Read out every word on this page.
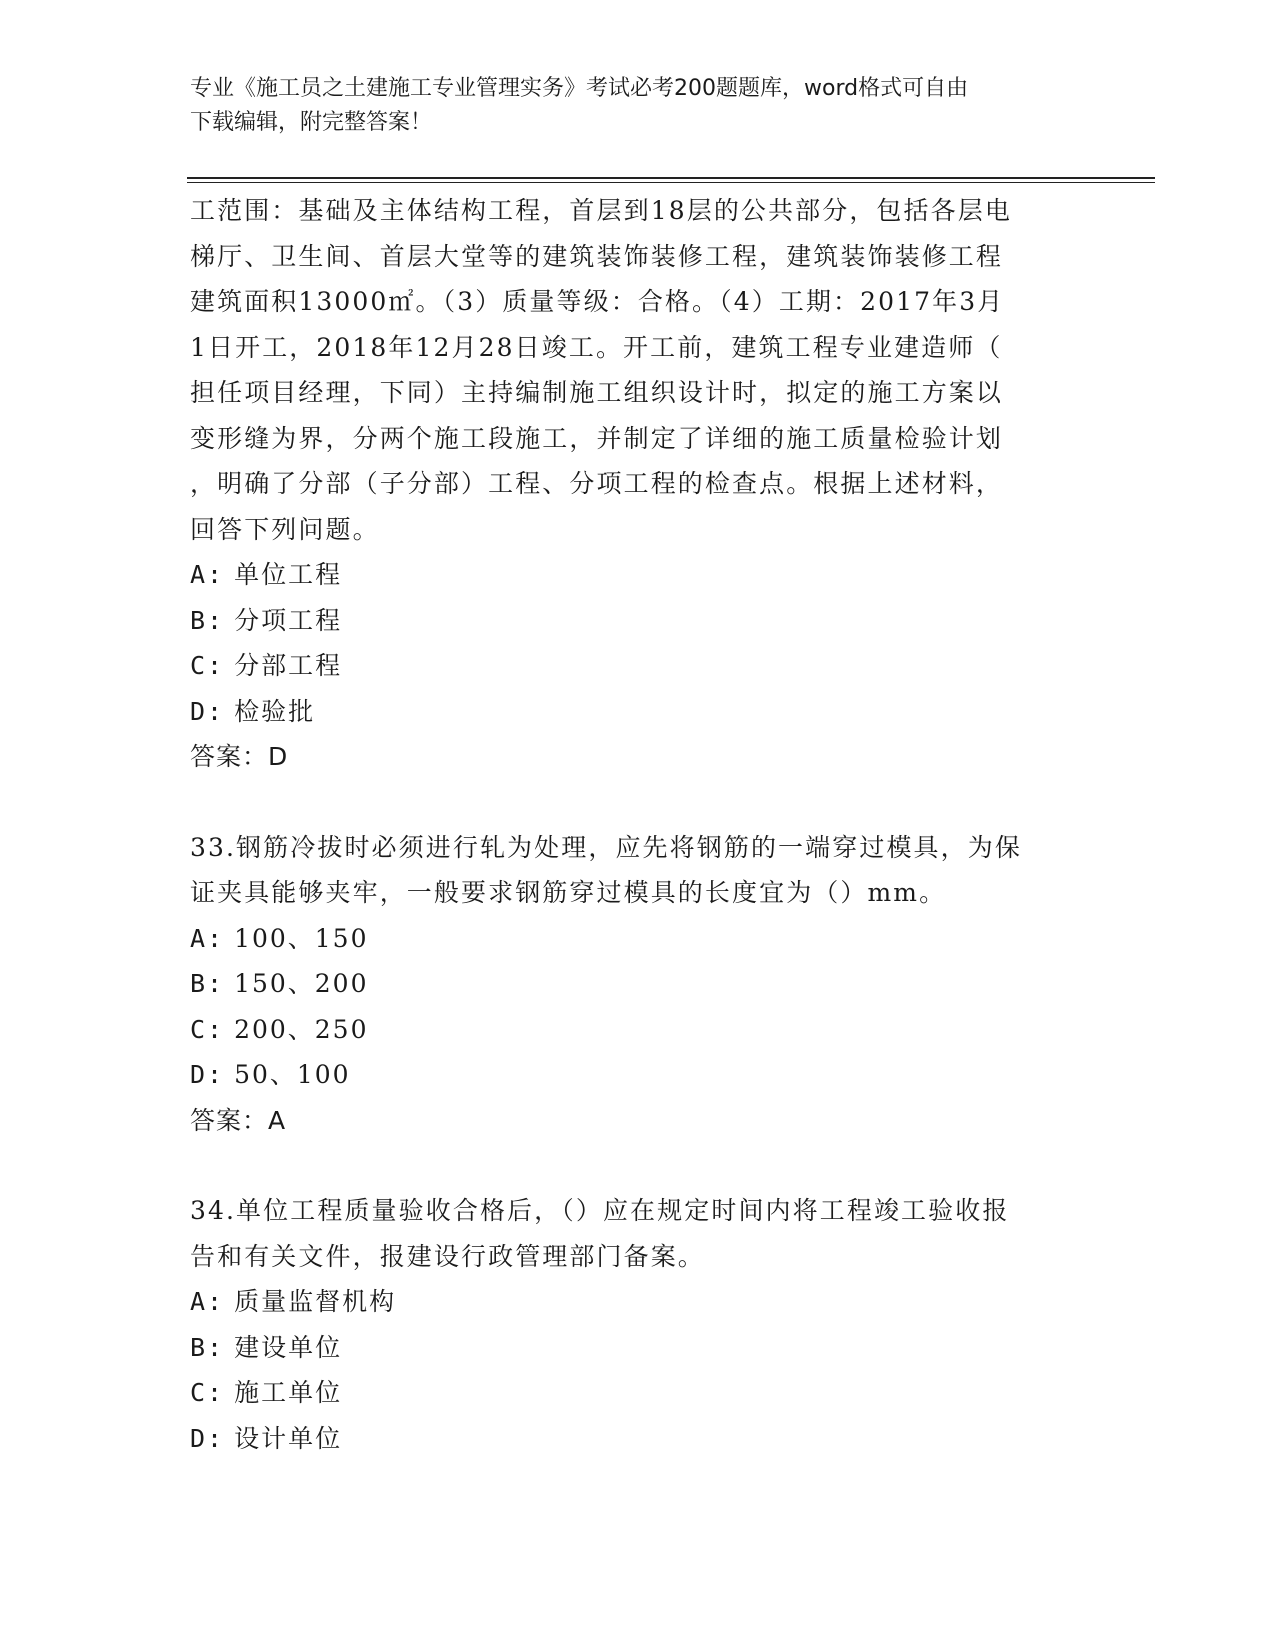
专业《施工员之土建施工专业管理实务》考试必考200题题库，word格式可自由
下载编辑，附完整答案！

工范围：基础及主体结构工程，首层到18层的公共部分，包括各层电

梯厅、卫生间、首层大堂等的建筑装饰装修工程，建筑装饰装修工程

建筑面积13000㎡。（3）质量等级：合格。（4）工期：2017年3月

1日开工，2018年12月28日竣工。开工前，建筑工程专业建造师（

担任项目经理，下同）主持编制施工组织设计时，拟定的施工方案以

变形缝为界，分两个施工段施工，并制定了详细的施工质量检验计划

，明确了分部（子分部）工程、分项工程的检查点。根据上述材料，

回答下列问题。

A: 单位工程

B: 分项工程

C: 分部工程

D: 检验批

答案：D

33.钢筋冷拔时必须进行轧为处理，应先将钢筋的一端穿过模具，为保

证夹具能够夹牢，一般要求钢筋穿过模具的长度宜为（）mm。

A: 100、150

B: 150、200

C: 200、250

D: 50、100

答案：A

34.单位工程质量验收合格后，（）应在规定时间内将工程竣工验收报

告和有关文件，报建设行政管理部门备案。

A: 质量监督机构

B: 建设单位

C: 施工单位

D: 设计单位
